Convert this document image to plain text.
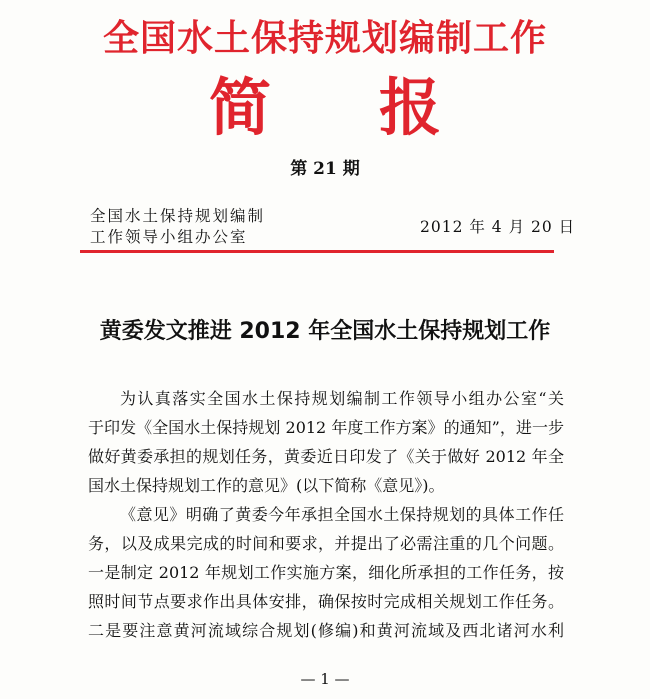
全国水土保持规划编制工作
简 报
第 21 期
全国水土保持规划编制
工作领导小组办公室
2012 年 4 月 20 日
黄委发文推进 2012 年全国水土保持规划工作
为认真落实全国水土保持规划编制工作领导小组办公室“关
于印发《全国水土保持规划 2012 年度工作方案》的通知”，进一步
做好黄委承担的规划任务，黄委近日印发了《关于做好 2012 年全
国水土保持规划工作的意见》(以下简称《意见》)。
《意见》明确了黄委今年承担全国水土保持规划的具体工作任
务，以及成果完成的时间和要求，并提出了必需注重的几个问题。
一是制定 2012 年规划工作实施方案，细化所承担的工作任务，按
照时间节点要求作出具体安排，确保按时完成相关规划工作任务。
二是要注意黄河流域综合规划(修编)和黄河流域及西北诸河水利
— 1 —
